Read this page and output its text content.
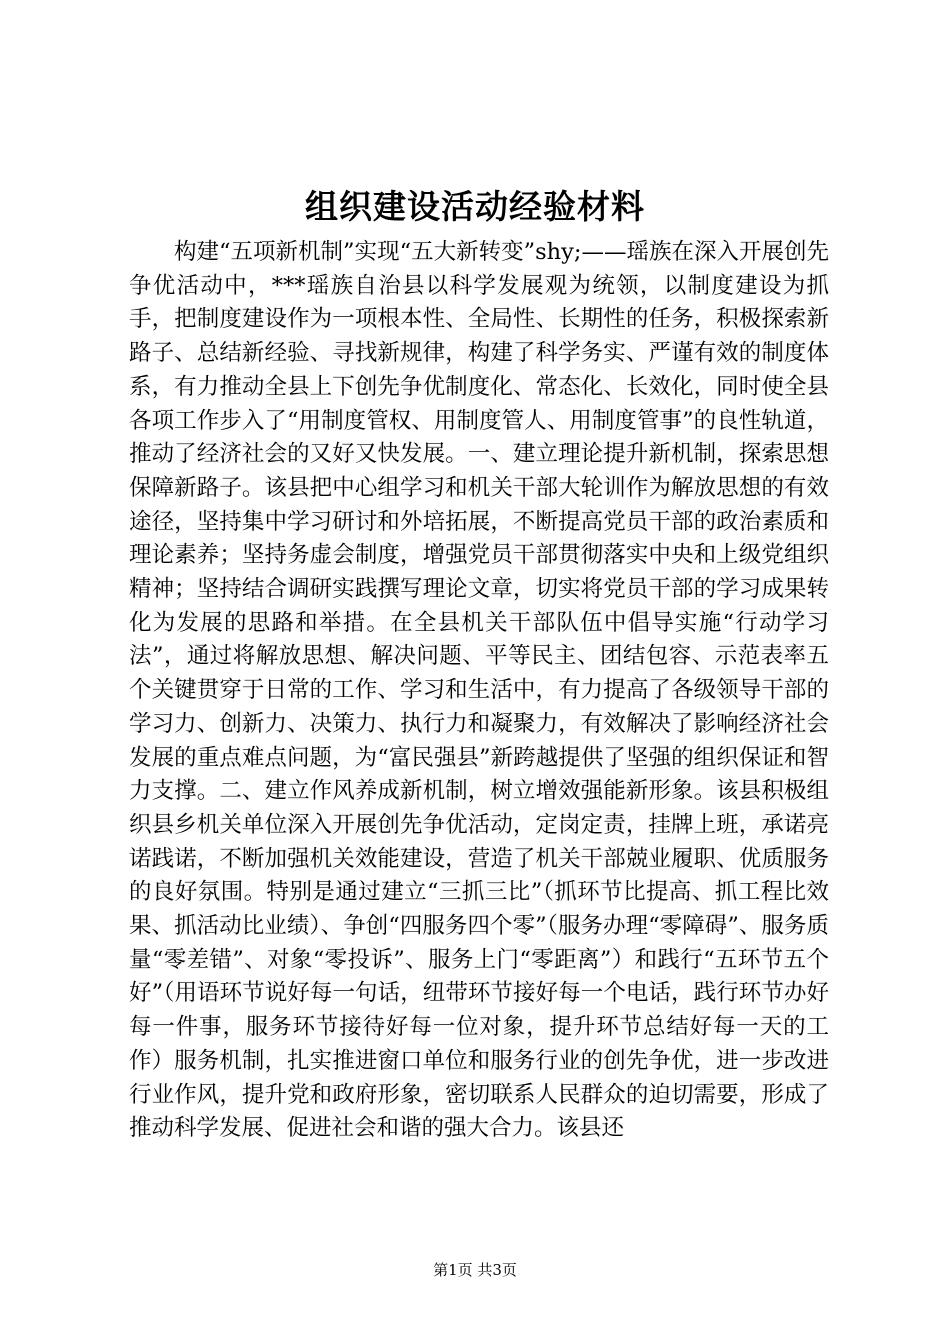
组织建设活动经验材料

构建“五项新机制”实现“五大新转变”shy;——瑶族在深入开展创先争优活动中，***瑶族自治县以科学发展观为统领，以制度建设为抓手，把制度建设作为一项根本性、全局性、长期性的任务，积极探索新路子、总结新经验、寻找新规律，构建了科学务实、严谨有效的制度体系，有力推动全县上下创先争优制度化、常态化、长效化，同时使全县各项工作步入了“用制度管权、用制度管人、用制度管事”的良性轨道，推动了经济社会的又好又快发展。一、建立理论提升新机制，探索思想保障新路子。该县把中心组学习和机关干部大轮训作为解放思想的有效途径，坚持集中学习研讨和外培拓展，不断提高党员干部的政治素质和理论素养；坚持务虚会制度，增强党员干部贯彻落实中央和上级党组织精神；坚持结合调研实践撰写理论文章，切实将党员干部的学习成果转化为发展的思路和举措。在全县机关干部队伍中倡导实施“行动学习法”，通过将解放思想、解决问题、平等民主、团结包容、示范表率五个关键贯穿于日常的工作、学习和生活中，有力提高了各级领导干部的学习力、创新力、决策力、执行力和凝聚力，有效解决了影响经济社会发展的重点难点问题，为“富民强县”新跨越提供了坚强的组织保证和智力支撑。二、建立作风养成新机制，树立增效强能新形象。该县积极组织县乡机关单位深入开展创先争优活动，定岗定责，挂牌上班，承诺亮诺践诺，不断加强机关效能建设，营造了机关干部兢业履职、优质服务的良好氛围。特别是通过建立“三抓三比”（抓环节比提高、抓工程比效果、抓活动比业绩）、争创“四服务四个零”（服务办理“零障碍”、服务质量“零差错”、对象“零投诉”、服务上门“零距离”）和践行“五环节五个好”（用语环节说好每一句话，纽带环节接好每一个电话，践行环节办好每一件事，服务环节接待好每一位对象，提升环节总结好每一天的工作）服务机制，扎实推进窗口单位和服务行业的创先争优，进一步改进行业作风，提升党和政府形象，密切联系人民群众的迫切需要，形成了推动科学发展、促进社会和谐的强大合力。该县还

第1页 共3页
